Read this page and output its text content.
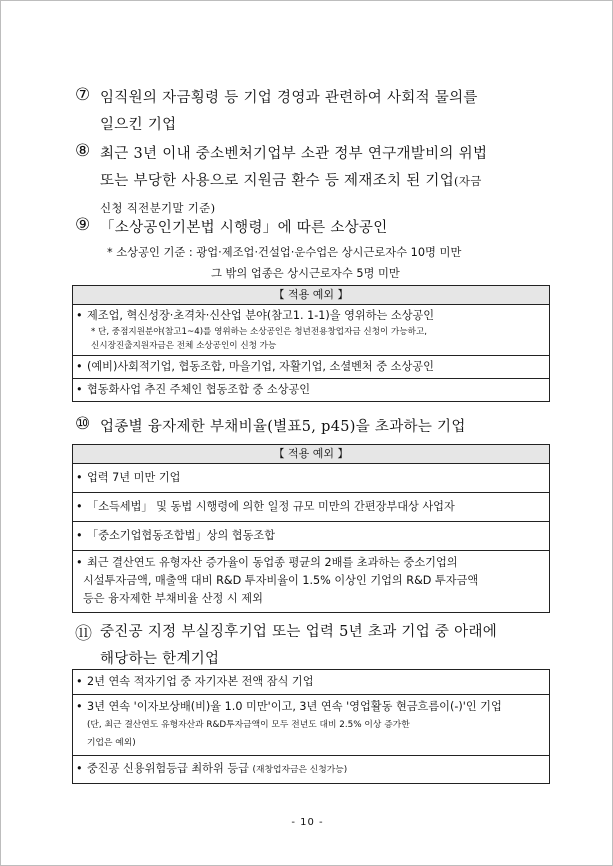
⑦ 임직원의 자금횡령 등 기업 경영과 관련하여 사회적 물의를
일으킨 기업
⑧ 최근 3년 이내 중소벤처기업부 소관 정부 연구개발비의 위법
또는 부당한 사용으로 지원금 환수 등 제재조치 된 기업(자금
신청 직전분기말 기준)
⑨ 「소상공인기본법 시행령」에 따른 소상공인
* 소상공인 기준 : 광업·제조업·건설업·운수업은 상시근로자수 10명 미만
그 밖의 업종은 상시근로자수 5명 미만
【 적용 예외 】
• 제조업, 혁신성장·초격차·신산업 분야(참고1. 1-1)을 영위하는 소상공인
* 단, 중점지원분야(참고1~4)를 영위하는 소상공인은 청년전용창업자금 신청이 가능하고,
신시장진출지원자금은 전체 소상공인이 신청 가능
• (예비)사회적기업, 협동조합, 마을기업, 자활기업, 소셜벤처 중 소상공인
• 협동화사업 추진 주체인 협동조합 중 소상공인
⑩ 업종별 융자제한 부채비율(별표5, p45)을 초과하는 기업
【 적용 예외 】
• 업력 7년 미만 기업
• 「소득세법」 및 동법 시행령에 의한 일정 규모 미만의 간편장부대상 사업자
• 「중소기업협동조합법」상의 협동조합
• 최근 결산연도 유형자산 증가율이 동업종 평균의 2배를 초과하는 중소기업의
시설투자금액, 매출액 대비 R&D 투자비율이 1.5% 이상인 기업의 R&D 투자금액
등은 융자제한 부채비율 산정 시 제외
⑪ 중진공 지정 부실징후기업 또는 업력 5년 초과 기업 중 아래에
해당하는 한계기업
• 2년 연속 적자기업 중 자기자본 전액 잠식 기업
• 3년 연속 '이자보상배(비)율 1.0 미만'이고, 3년 연속 '영업활동 현금흐름이(-)'인 기업
(단, 최근 결산연도 유형자산과 R&D투자금액이 모두 전년도 대비 2.5% 이상 증가한
기업은 예외)
• 중진공 신용위험등급 최하위 등급 (재창업자금은 신청가능)
- 10 -
